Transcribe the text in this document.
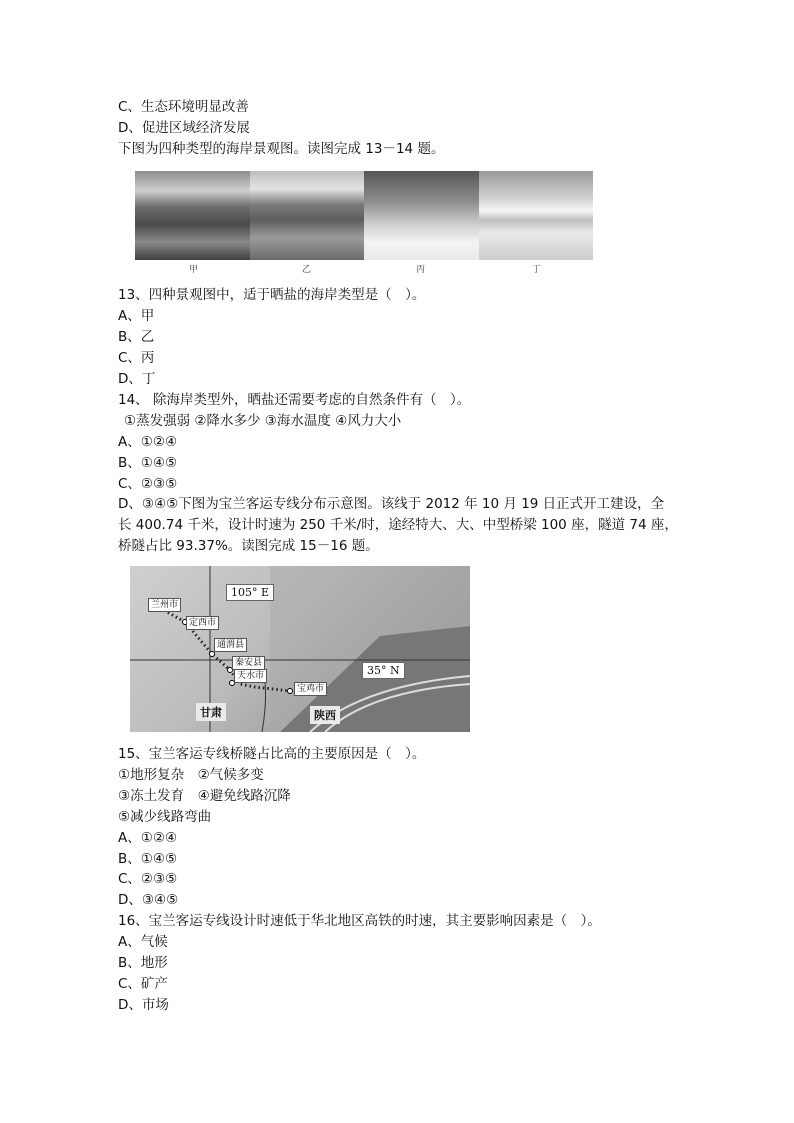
C、生态环境明显改善
D、促进区域经济发展
下图为四种类型的海岸景观图。读图完成 13－14 题。
13、四种景观图中，适于晒盐的海岸类型是（　）。
A、甲
B、乙
C、丙
D、丁
14、 除海岸类型外，晒盐还需要考虑的自然条件有（　）。
A、①②④
B、①④⑤
C、②③⑤
D、③④⑤下图为宝兰客运专线分布示意图。该线于 2012 年 10 月 19 日正式开工建设，全
长 400.74 千米，设计时速为 250 千米/时，途经特大、大、中型桥梁 100 座，隧道 74 座，
桥隧占比 93.37%。读图完成 15－16 题。
15、宝兰客运专线桥隧占比高的主要原因是（　）。
①地形复杂　②气候多变
③冻土发育　④避免线路沉降
⑤减少线路弯曲
A、①②④
B、①④⑤
C、②③⑤
D、③④⑤
16、宝兰客运专线设计时速低于华北地区高铁的时速，其主要影响因素是（　）。
A、气候
B、地形
C、矿产
D、市场
①蒸发强弱 ②降水多少 ③海水温度 ④风力大小
甲	乙	丙	丁
105° E
35° N
兰州市
定西市
通渭县
秦安县
天水市
宝鸡市
甘肃	陕西
